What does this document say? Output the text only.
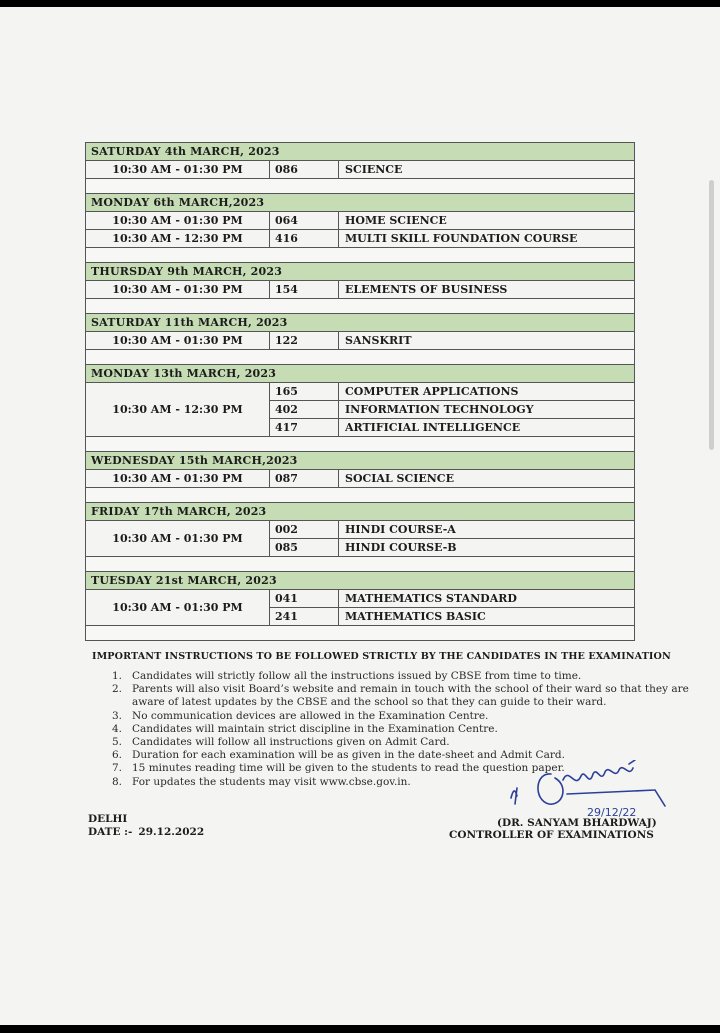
SATURDAY 4th MARCH, 2023		
10:30 AM - 01:30 PM	086	SCIENCE

MONDAY 6th MARCH,2023		
10:30 AM - 01:30 PM	064	HOME SCIENCE
10:30 AM - 12:30 PM	416	MULTI SKILL FOUNDATION COURSE

THURSDAY 9th MARCH, 2023		
10:30 AM - 01:30 PM	154	ELEMENTS OF BUSINESS

SATURDAY 11th MARCH, 2023		
10:30 AM - 01:30 PM	122	SANSKRIT

MONDAY 13th MARCH, 2023		
10:30 AM - 12:30 PM	165	COMPUTER APPLICATIONS
	402	INFORMATION TECHNOLOGY
	417	ARTIFICIAL INTELLIGENCE

WEDNESDAY 15th MARCH,2023		
10:30 AM - 01:30 PM	087	SOCIAL SCIENCE

FRIDAY 17th MARCH, 2023		
10:30 AM - 01:30 PM	002	HINDI COURSE-A
	085	HINDI COURSE-B

TUESDAY 21st MARCH, 2023		
10:30 AM - 01:30 PM	041	MATHEMATICS STANDARD
	241	MATHEMATICS BASIC

IMPORTANT INSTRUCTIONS TO BE FOLLOWED STRICTLY BY THE CANDIDATES IN THE EXAMINATION
1. Candidates will strictly follow all the instructions issued by CBSE from time to time.
2. Parents will also visit Board’s website and remain in touch with the school of their ward so that they are aware of latest updates by the CBSE and the school so that they can guide to their ward.
3. No communication devices are allowed in the Examination Centre.
4. Candidates will maintain strict discipline in the Examination Centre.
5. Candidates will follow all instructions given on Admit Card.
6. Duration for each examination will be as given in the date-sheet and Admit Card.
7. 15 minutes reading time will be given to the students to read the question paper.
8. For updates the students may visit www.cbse.gov.in.
29/12/22
DELHI
DATE :- 29.12.2022
(DR. SANYAM BHARDWAJ)
CONTROLLER OF EXAMINATIONS
